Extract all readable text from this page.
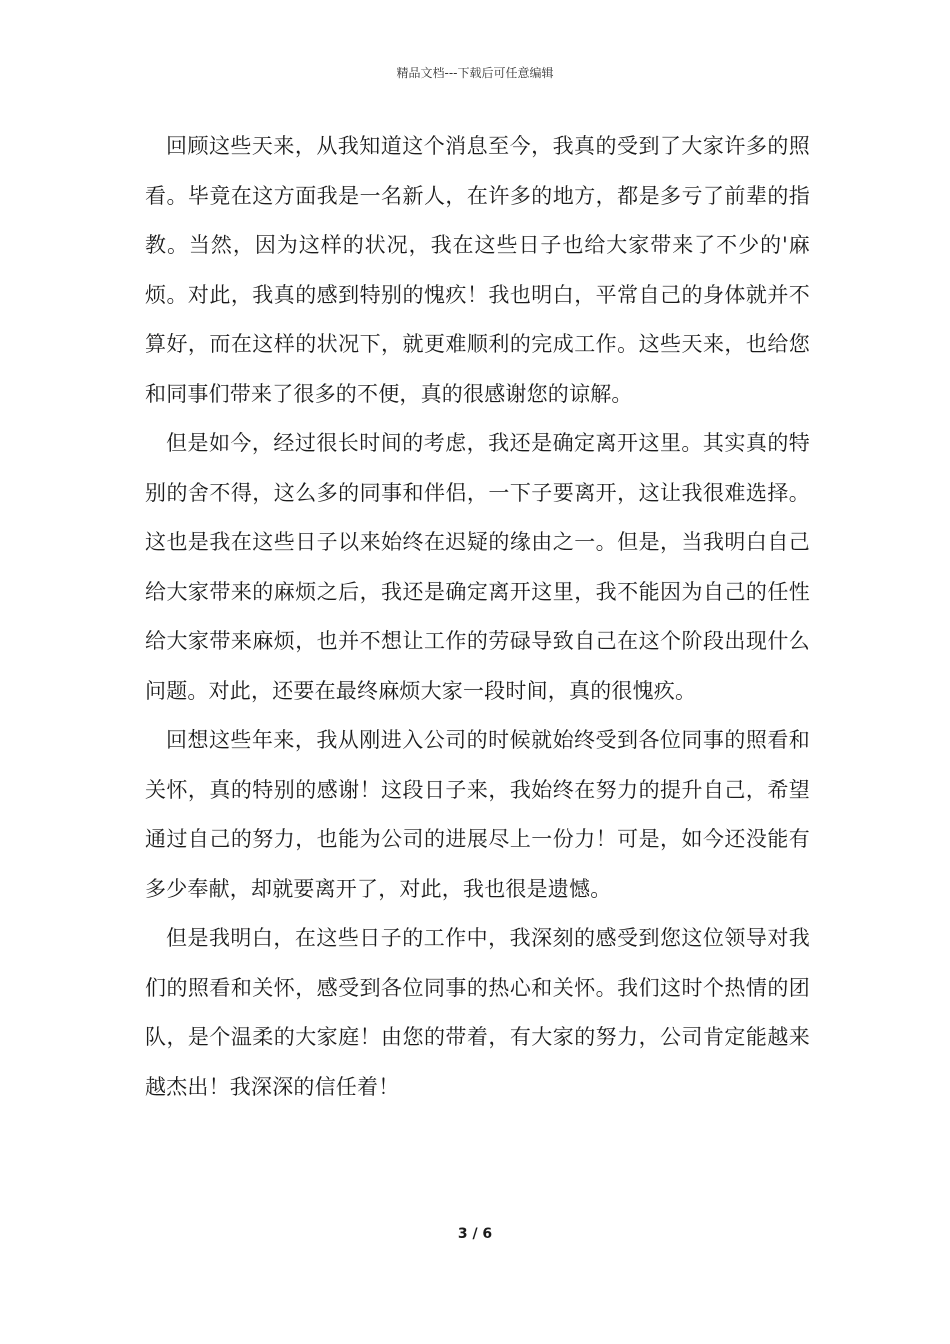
精品文档---下载后可任意编辑

回顾这些天来，从我知道这个消息至今，我真的受到了大家许多的照看。毕竟在这方面我是一名新人，在许多的地方，都是多亏了前辈的指教。当然，因为这样的状况，我在这些日子也给大家带来了不少的'麻烦。对此，我真的感到特别的愧疚！我也明白，平常自己的身体就并不算好，而在这样的状况下，就更难顺利的完成工作。这些天来，也给您和同事们带来了很多的不便，真的很感谢您的谅解。

但是如今，经过很长时间的考虑，我还是确定离开这里。其实真的特别的舍不得，这么多的同事和伴侣，一下子要离开，这让我很难选择。这也是我在这些日子以来始终在迟疑的缘由之一。但是，当我明白自己给大家带来的麻烦之后，我还是确定离开这里，我不能因为自己的任性给大家带来麻烦，也并不想让工作的劳碌导致自己在这个阶段出现什么问题。对此，还要在最终麻烦大家一段时间，真的很愧疚。

回想这些年来，我从刚进入公司的时候就始终受到各位同事的照看和关怀，真的特别的感谢！这段日子来，我始终在努力的提升自己，希望通过自己的努力，也能为公司的进展尽上一份力！可是，如今还没能有多少奉献，却就要离开了，对此，我也很是遗憾。

但是我明白，在这些日子的工作中，我深刻的感受到您这位领导对我们的照看和关怀，感受到各位同事的热心和关怀。我们这时个热情的团队，是个温柔的大家庭！由您的带着，有大家的努力，公司肯定能越来越杰出！我深深的信任着！

3 / 6
